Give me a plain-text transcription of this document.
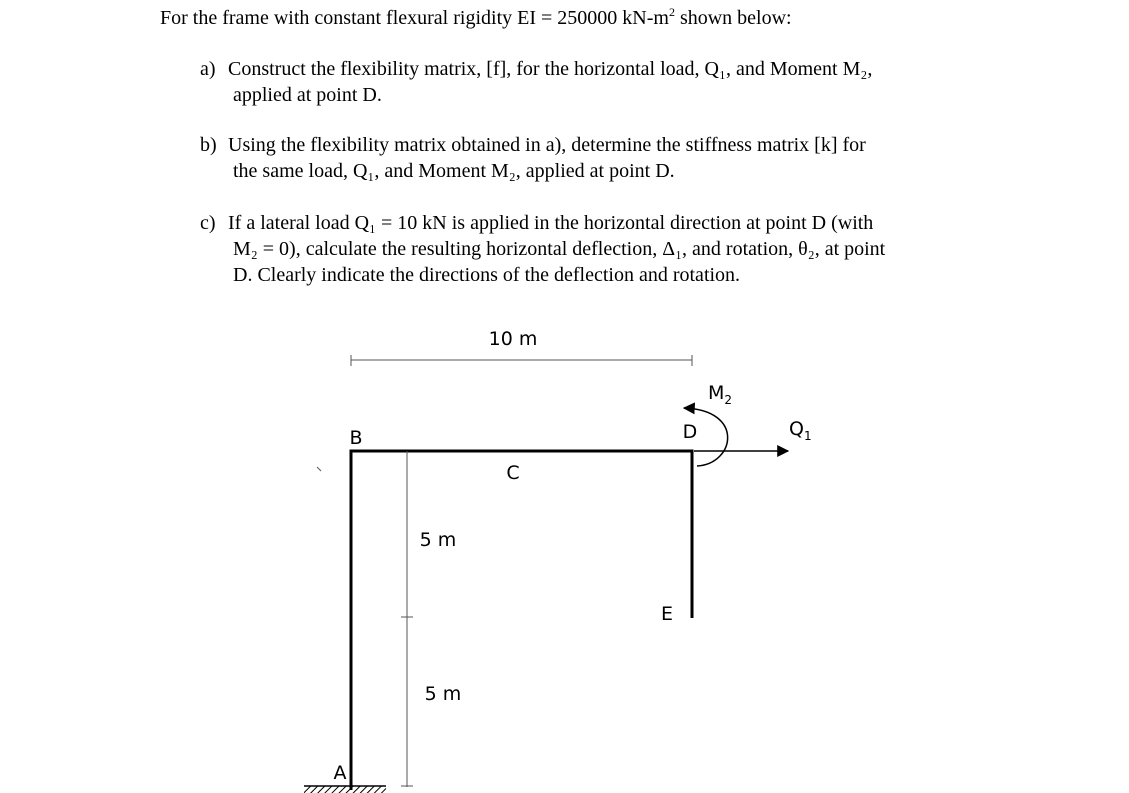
For the frame with constant flexural rigidity EI = 250000 $kN-m^2$ shown below:
a) Construct the flexibility matrix, [f], for the horizontal load, Q₁, and Moment M₂,
applied at point D.
b) Using the flexibility matrix obtained in a), determine the stiffness matrix [k] for
the same load, Q₁, and Moment M₂, applied at point D.
c) If a lateral load Q₁ = 10 kN is applied in the horizontal direction at point D (with
M₂ = 0), calculate the resulting horizontal deflection, Δ₁, and rotation, θ₂, at point
D. Clearly indicate the directions of the deflection and rotation.
10 m
5 m
5 m
A
B
C
D
E
$M_2$
$Q_1$
